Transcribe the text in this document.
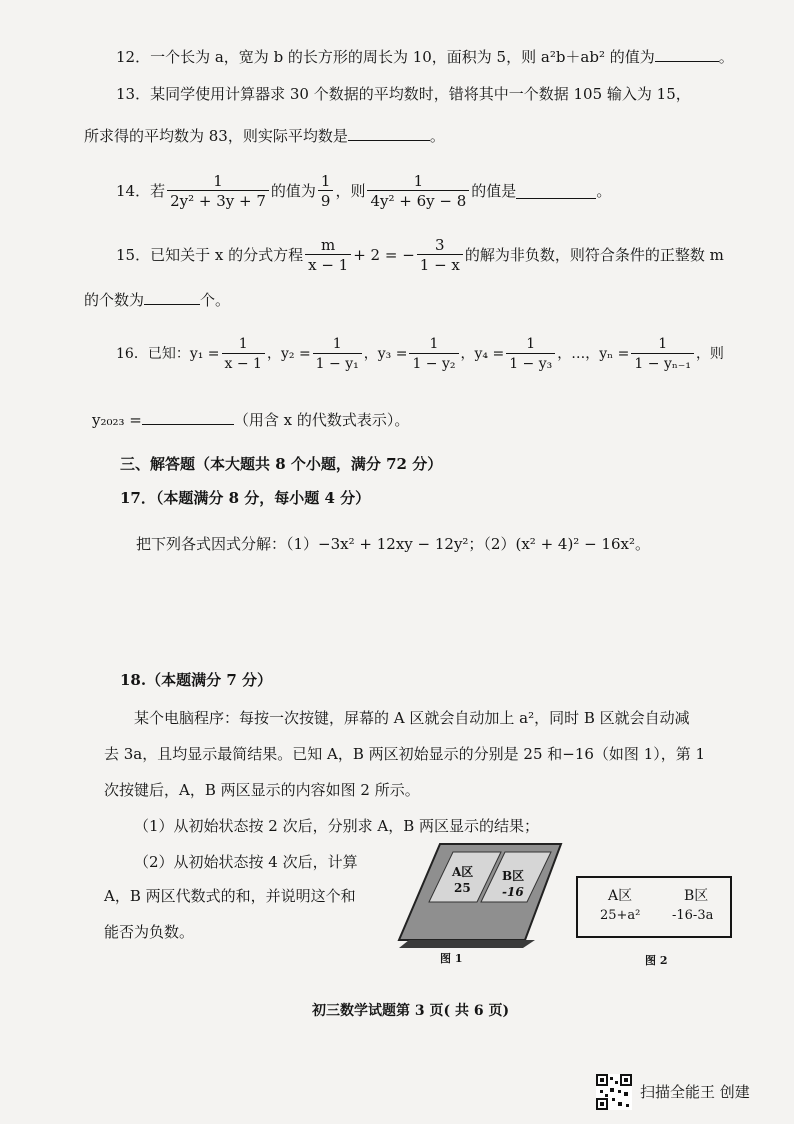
12．一个长为 a，宽为 b 的长方形的周长为 10，面积为 5，则 a²b＋ab² 的值为	。
13．某同学使用计算器求 30 个数据的平均数时，错将其中一个数据 105 输入为 15，
所求得的平均数为 83，则实际平均数是	。
14．若 $\frac{1}{\text{2y² + 3y + 7}}$ 的值为 $\frac{1}{9}$ ，则 $\frac{1}{\text{4y² + 6y − 8}}$ 的值是	。
15．已知关于 x 的分式方程 $\frac{m}{x - 1} + 2$ = − $\frac{3}{1 - x}$ 的解为非负数，则符合条件的正整数 m
的个数为	个。
16．已知： $y_1 = \frac{1}{x - 1}$ ，$y_2 = \frac{1}{\text{1 − y₁}}$ ，$y_3 = \frac{1}{\text{1 − y₂}}$ ，$y_4 = \frac{1}{\text{1 − y₃}}$ ，…，$y_n = \frac{1}{\text{1 − yₙ₋₁}}$ ，则
y₂₀₂₃ =	（用含 x 的代数式表示）。
三、解答题（本大题共 8 个小题，满分 72 分）
17．（本题满分 8 分，每小题 4 分）
把下列各式因式分解：（1）−3x² + 12xy − 12y²；（2）(x² + 4)² − 16x²。
18.（本题满分 7 分）
某个电脑程序：每按一次按键，屏幕的 A 区就会自动加上 a²，同时 B 区就会自动减
去 3a，且均显示最简结果。已知 A，B 两区初始显示的分别是 25 和−16（如图 1），第 1
次按键后，A，B 两区显示的内容如图 2 所示。
（1）从初始状态按 2 次后，分别求 A，B 两区显示的结果；
（2）从初始状态按 4 次后，计算
A，B 两区代数式的和，并说明这个和
能否为负数。
A区
25
B区
-16
图 1
A区
25+a²
B区
-16-3a
图 2
初三数学试题第 3 页( 共 6 页)
扫描全能王 创建
